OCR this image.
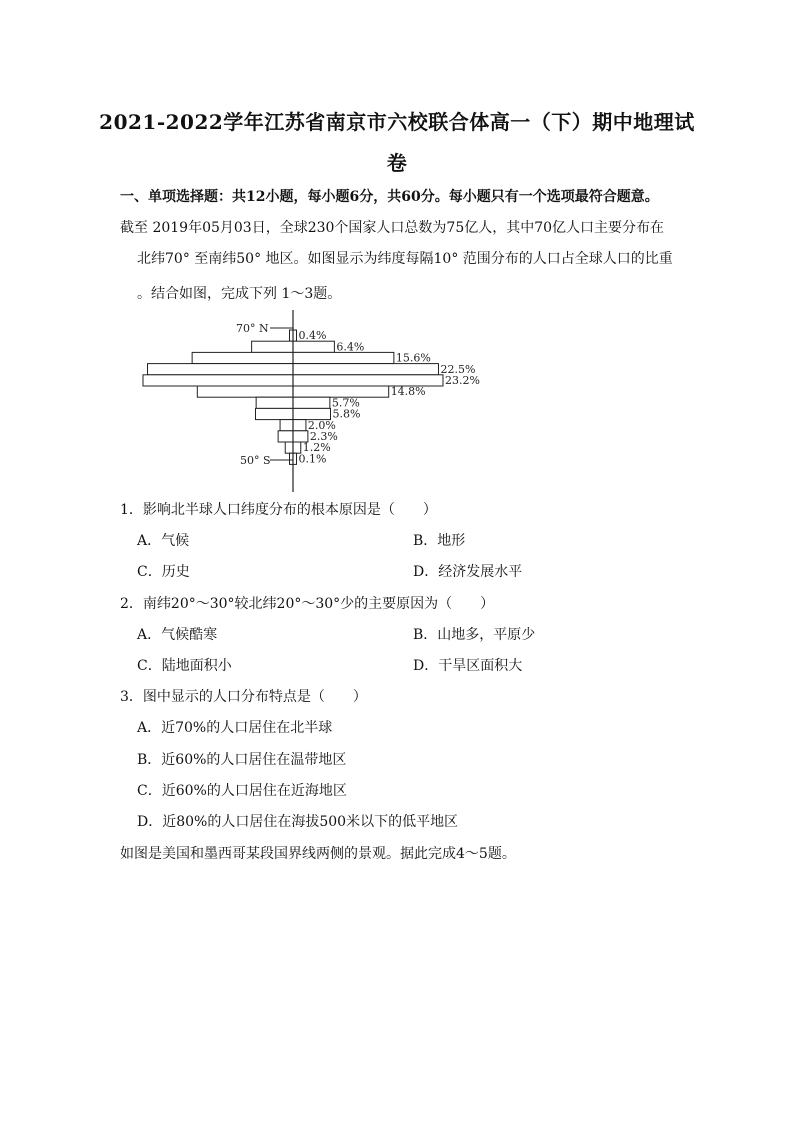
2021-2022学年江苏省南京市六校联合体高一（下）期中地理试
卷
一、单项选择题：共12小题，每小题6分，共60分。每小题只有一个选项最符合题意。
截至 2019年05月03日，全球230个国家人口总数为75亿人，其中70亿人口主要分布在
北纬70° 至南纬50° 地区。如图显示为纬度每隔10° 范围分布的人口占全球人口的比重
。结合如图，完成下列 1～3题。
70° N
50° S
0.4%
6.4%
15.6%
22.5%
23.2%
14.8%
5.7%
5.8%
2.0%
2.3%
1.2%
0.1%
1．影响北半球人口纬度分布的根本原因是（　　）
A．气候	B．地形
C．历史	D．经济发展水平
2．南纬20°～30°较北纬20°～30°少的主要原因为（　　）
A．气候酷寒	B．山地多，平原少
C．陆地面积小	D．干旱区面积大
3．图中显示的人口分布特点是（　　）
A．近70%的人口居住在北半球
B．近60%的人口居住在温带地区
C．近60%的人口居住在近海地区
D．近80%的人口居住在海拔500米以下的低平地区
如图是美国和墨西哥某段国界线两侧的景观。据此完成4～5题。
